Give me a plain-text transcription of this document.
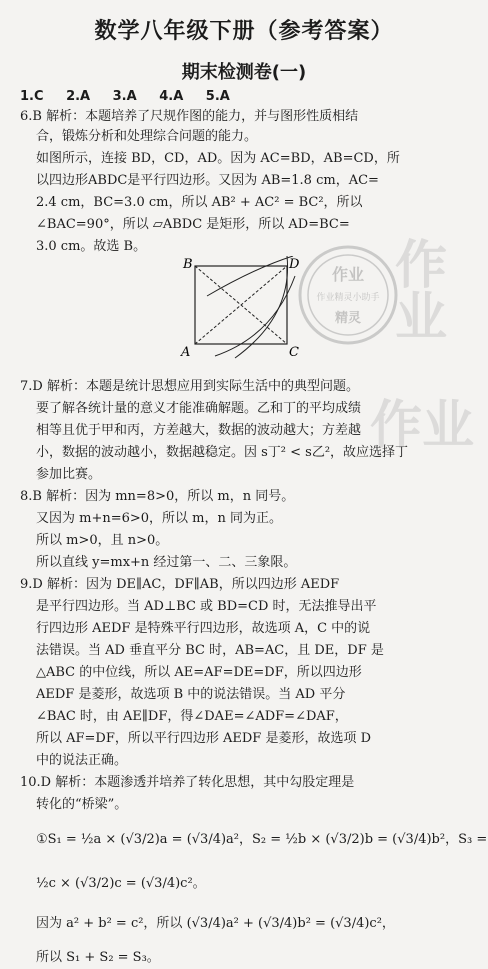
数学八年级下册（参考答案）
期末检测卷(一)
1.C 2.A 3.A 4.A 5.A
6.B 解析：本题培养了尺规作图的能力，并与图形性质相结
合，锻炼分析和处理综合问题的能力。
如图所示，连接 BD，CD，AD。因为 AC=BD，AB=CD，所
以四边形ABDC是平行四边形。又因为 AB=1.8 cm，AC=
2.4 cm，BC=3.0 cm，所以 AB² + AC² = BC²，所以
∠BAC=90°，所以 ▱ABDC 是矩形，所以 AD=BC=
3.0 cm。故选 B。
B	D
A	C
作业
作业精灵小助手
精灵
作业
作业
7.D 解析：本题是统计思想应用到实际生活中的典型问题。
要了解各统计量的意义才能准确解题。乙和丁的平均成绩
相等且优于甲和丙，方差越大，数据的波动越大；方差越
小，数据的波动越小，数据越稳定。因 s丁² < s乙²，故应选择丁
参加比赛。
8.B 解析：因为 mn=8>0，所以 m，n 同号。
又因为 m+n=6>0，所以 m，n 同为正。
所以 m>0，且 n>0。
所以直线 y=mx+n 经过第一、二、三象限。
9.D 解析：因为 DE∥AC，DF∥AB，所以四边形 AEDF
是平行四边形。当 AD⊥BC 或 BD=CD 时，无法推导出平
行四边形 AEDF 是特殊平行四边形，故选项 A，C 中的说
法错误。当 AD 垂直平分 BC 时，AB=AC，且 DE，DF 是
△ABC 的中位线，所以 AE=AF=DE=DF，所以四边形
AEDF 是菱形，故选项 B 中的说法错误。当 AD 平分
∠BAC 时，由 AE∥DF，得∠DAE=∠ADF=∠DAF，
所以 AF=DF，所以平行四边形 AEDF 是菱形，故选项 D
中的说法正确。
10.D 解析：本题渗透并培养了转化思想，其中勾股定理是
转化的“桥梁”。
①S₁ = ½a × (√3/2)a = (√3/4)a²，S₂ = ½b × (√3/2)b = (√3/4)b²，S₃ =
½c × (√3/2)c = (√3/4)c²。
因为 a² + b² = c²，所以 (√3/4)a² + (√3/4)b² = (√3/4)c²，
所以 S₁ + S₂ = S₃。
